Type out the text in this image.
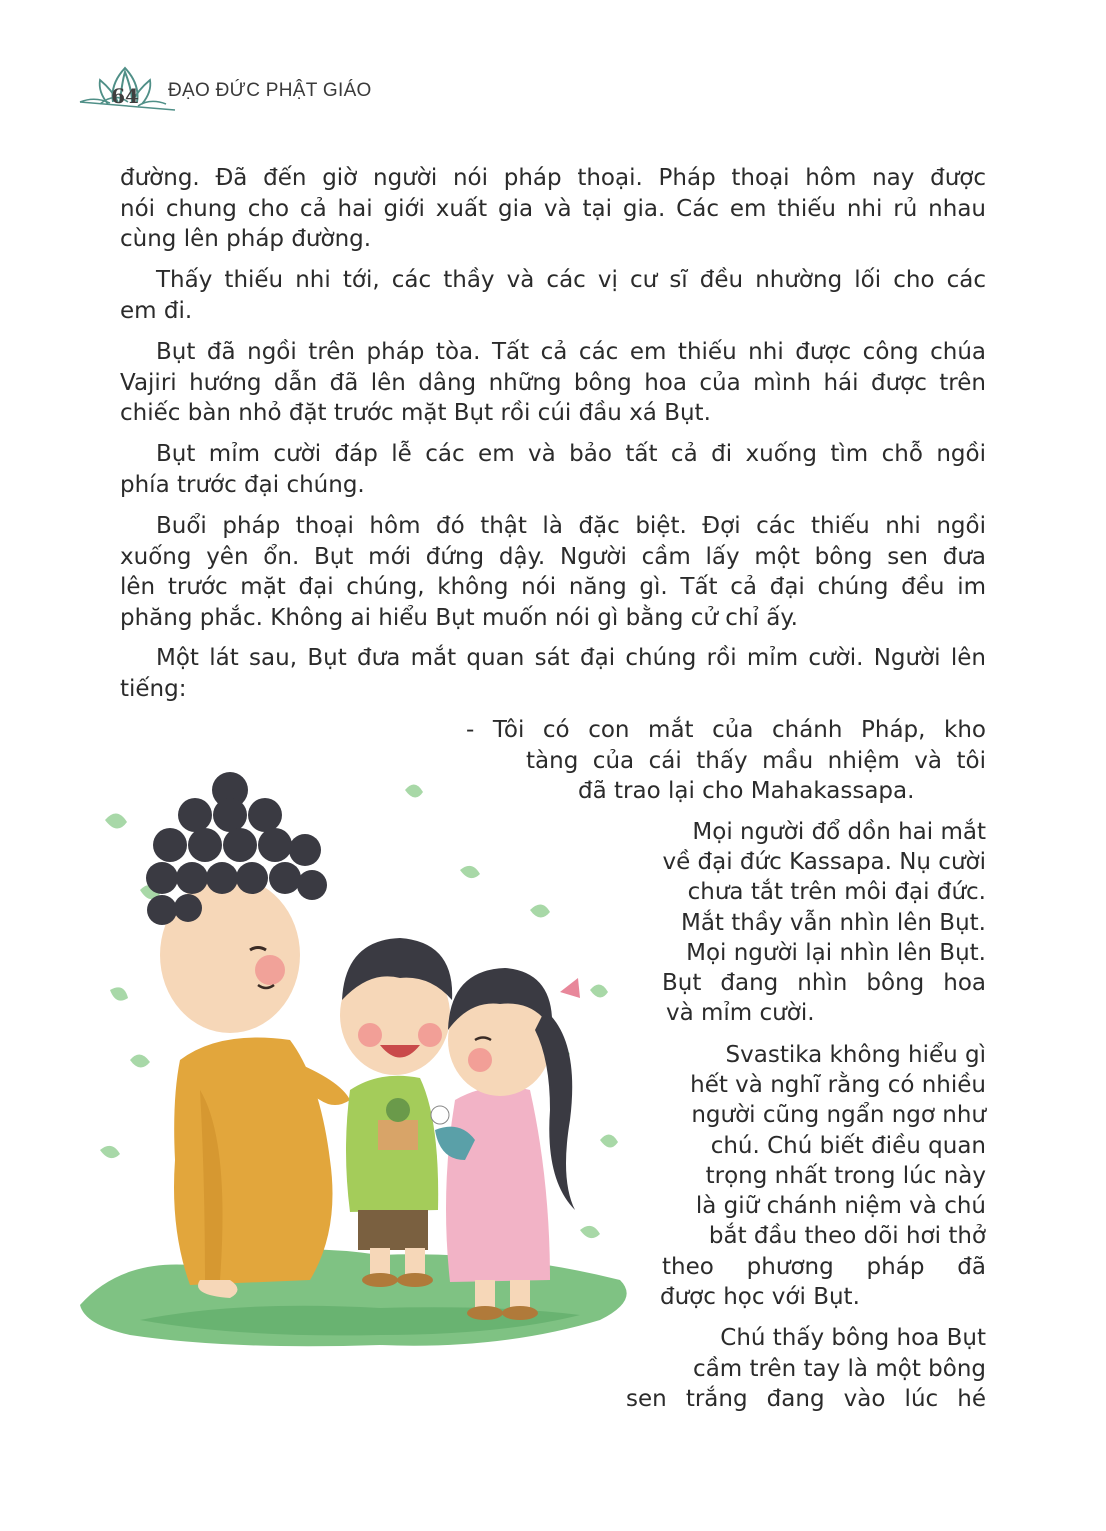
64 ĐẠO ĐỨC PHẬT GIÁO
đường. Đã đến giờ người nói pháp thoại. Pháp thoại hôm nay được
nói chung cho cả hai giới xuất gia và tại gia. Các em thiếu nhi rủ nhau
cùng lên pháp đường.
Thấy thiếu nhi tới, các thầy và các vị cư sĩ đều nhường lối cho các
em đi.
Bụt đã ngồi trên pháp tòa. Tất cả các em thiếu nhi được công chúa
Vajiri hướng dẫn đã lên dâng những bông hoa của mình hái được trên
chiếc bàn nhỏ đặt trước mặt Bụt rồi cúi đầu xá Bụt.
Bụt mỉm cười đáp lễ các em và bảo tất cả đi xuống tìm chỗ ngồi
phía trước đại chúng.
Buổi pháp thoại hôm đó thật là đặc biệt. Đợi các thiếu nhi ngồi
xuống yên ổn. Bụt mới đứng dậy. Người cầm lấy một bông sen đưa
lên trước mặt đại chúng, không nói năng gì. Tất cả đại chúng đều im
phăng phắc. Không ai hiểu Bụt muốn nói gì bằng cử chỉ ấy.
Một lát sau, Bụt đưa mắt quan sát đại chúng rồi mỉm cười. Người lên
tiếng:
- Tôi có con mắt của chánh Pháp, kho
tàng của cái thấy mầu nhiệm và tôi
đã trao lại cho Mahakassapa.
Mọi người đổ dồn hai mắt
về đại đức Kassapa. Nụ cười
chưa tắt trên môi đại đức.
Mắt thầy vẫn nhìn lên Bụt.
Mọi người lại nhìn lên Bụt.
Bụt đang nhìn bông hoa
và mỉm cười.
Svastika không hiểu gì
hết và nghĩ rằng có nhiều
người cũng ngẩn ngơ như
chú. Chú biết điều quan
trọng nhất trong lúc này
là giữ chánh niệm và chú
bắt đầu theo dõi hơi thở
theo phương pháp đã
được học với Bụt.
Chú thấy bông hoa Bụt
cầm trên tay là một bông
sen trắng đang vào lúc hé
